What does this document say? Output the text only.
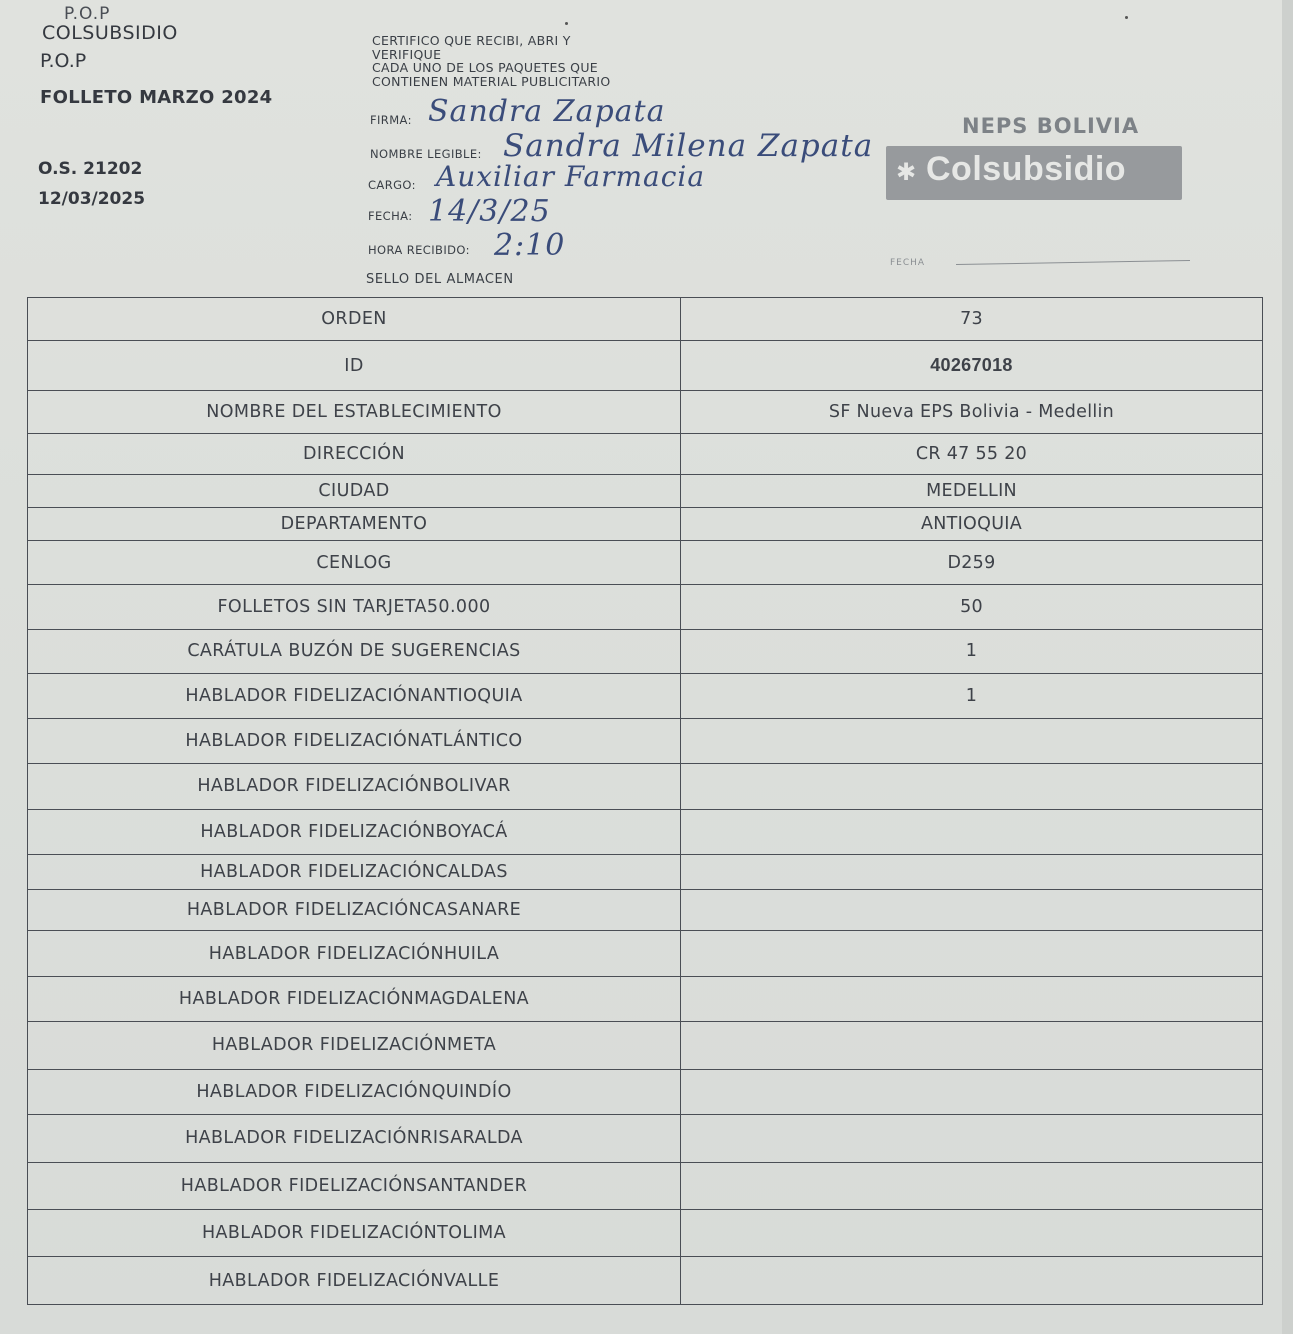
P.O.P
COLSUBSIDIO
P.O.P
FOLLETO MARZO 2024
O.S. 21202
12/03/2025
CERTIFICO QUE RECIBI, ABRI Y
VERIFIQUE
CADA UNO DE LOS PAQUETES QUE
CONTIENEN MATERIAL PUBLICITARIO
FIRMA: Sandra Zapata
NOMBRE LEGIBLE: Sandra Milena Zapata
CARGO: Auxiliar Farmacia
FECHA: 14/3/25
HORA RECIBIDO: 2:10
SELLO DEL ALMACEN
NEPS BOLIVIA
✱ Colsubsidio
FECHA
ORDEN	73
ID	40267018
NOMBRE DEL ESTABLECIMIENTO	SF Nueva EPS Bolivia - Medellin
DIRECCIÓN	CR 47 55 20
CIUDAD	MEDELLIN
DEPARTAMENTO	ANTIOQUIA
CENLOG	D259
FOLLETOS SIN TARJETA50.000	50
CARÁTULA BUZÓN DE SUGERENCIAS	1
HABLADOR FIDELIZACIÓNANTIOQUIA	1
HABLADOR FIDELIZACIÓNATLÁNTICO	
HABLADOR FIDELIZACIÓNBOLIVAR	
HABLADOR FIDELIZACIÓNBOYACÁ	
HABLADOR FIDELIZACIÓNCALDAS	
HABLADOR FIDELIZACIÓNCASANARE	
HABLADOR FIDELIZACIÓNHUILA	
HABLADOR FIDELIZACIÓNMAGDALENA	
HABLADOR FIDELIZACIÓNMETA	
HABLADOR FIDELIZACIÓNQUINDÍO	
HABLADOR FIDELIZACIÓNRISARALDA	
HABLADOR FIDELIZACIÓNSANTANDER	
HABLADOR FIDELIZACIÓNTOLIMA	
HABLADOR FIDELIZACIÓNVALLE	
